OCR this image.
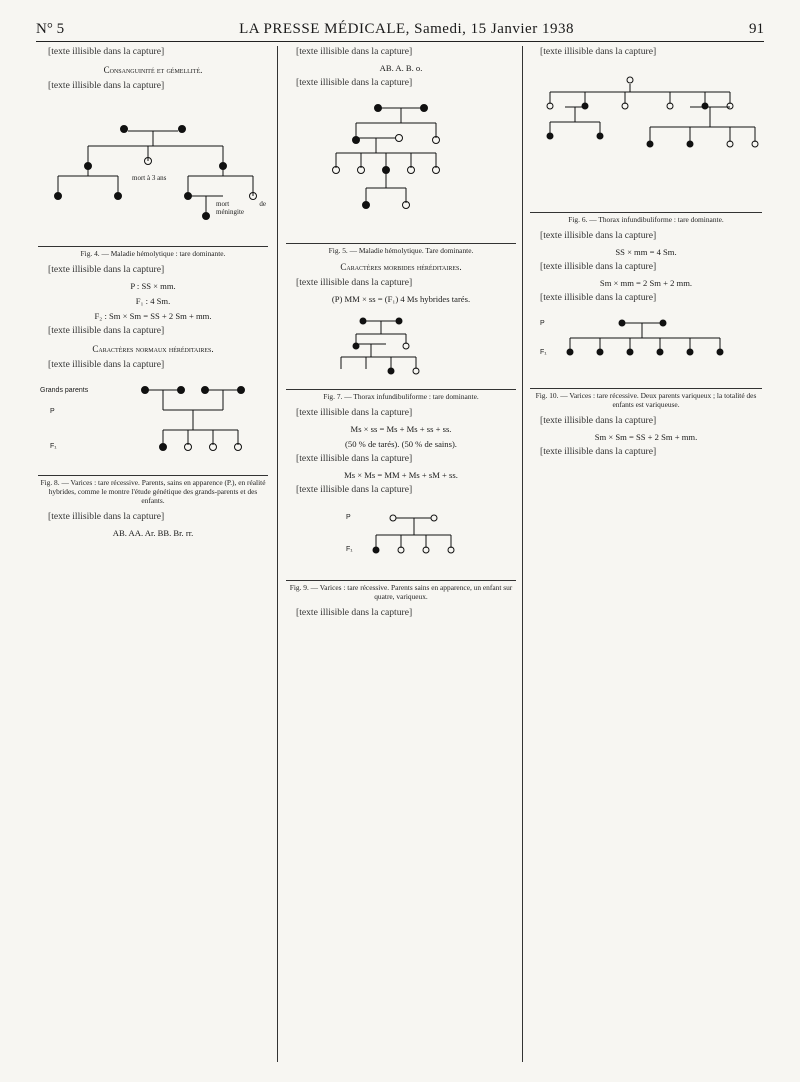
N° 5	LA PRESSE MÉDICALE, Samedi, 15 Janvier 1938	91

[texte illisible dans la capture]

Consanguinité et gémellité.

[texte illisible dans la capture]

mort à 3 ans
mort de méningite
Fig. 4. — Maladie hémolytique : tare dominante.

[texte illisible dans la capture]

P : SS × mm.
F₁ : 4 Sm.
F₂ : Sm × Sm = SS + 2 Sm + mm.

[texte illisible dans la capture]

Caractères normaux héréditaires.

[texte illisible dans la capture]

Grands parents
P
F₁
Fig. 8. — Varices : tare récessive. Parents, sains en apparence (P.), en réalité hybrides, comme le montre l'étude génétique des grands-parents et des enfants.

[texte illisible dans la capture]

AB. AA. Ar. BB. Br. rr.

[texte illisible dans la capture]

AB. A. B. o.

[texte illisible dans la capture]

Fig. 5. — Maladie hémolytique. Tare dominante.
Caractères morbides héréditaires.

[texte illisible dans la capture]

(P) MM × ss = (F₁) 4 Ms hybrides tarés.
Fig. 7. — Thorax infundibuliforme : tare dominante.

[texte illisible dans la capture]

Ms × ss = Ms + Ms + ss + ss.
(50 % de tarés). (50 % de sains).

[texte illisible dans la capture]

Ms × Ms = MM + Ms + sM + ss.

[texte illisible dans la capture]

P
F₁
Fig. 9. — Varices : tare récessive. Parents sains en apparence, un enfant sur quatre, variqueux.

[texte illisible dans la capture]

[texte illisible dans la capture]

Fig. 6. — Thorax infundibuliforme : tare dominante.

[texte illisible dans la capture]

SS × mm = 4 Sm.

[texte illisible dans la capture]

Sm × mm = 2 Sm + 2 mm.

[texte illisible dans la capture]

P
F₁
Fig. 10. — Varices : tare récessive. Deux parents variqueux ; la totalité des enfants est variqueuse.

[texte illisible dans la capture]

Sm × Sm = SS + 2 Sm + mm.

[texte illisible dans la capture]
